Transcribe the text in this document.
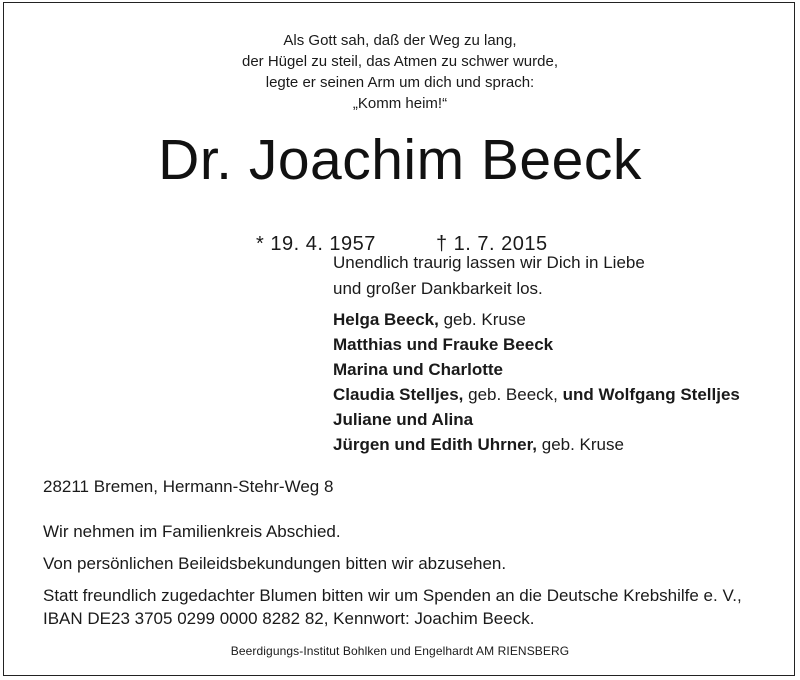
Als Gott sah, daß der Weg zu lang,
der Hügel zu steil, das Atmen zu schwer wurde,
legte er seinen Arm um dich und sprach:
„Komm heim!“
Dr. Joachim Beeck
* 19. 4. 1957	† 1. 7. 2015
Unendlich traurig lassen wir Dich in Liebe
und großer Dankbarkeit los.
Helga Beeck, geb. Kruse
Matthias und Frauke Beeck
Marina und Charlotte
Claudia Stelljes, geb. Beeck, und Wolfgang Stelljes
Juliane und Alina
Jürgen und Edith Uhrner, geb. Kruse
28211 Bremen, Hermann-Stehr-Weg 8
Wir nehmen im Familienkreis Abschied.
Von persönlichen Beileidsbekundungen bitten wir abzusehen.
Statt freundlich zugedachter Blumen bitten wir um Spenden an die Deutsche Krebshilfe e. V.,
IBAN DE23 3705 0299 0000 8282 82, Kennwort: Joachim Beeck.
Beerdigungs-Institut Bohlken und Engelhardt AM RIENSBERG
